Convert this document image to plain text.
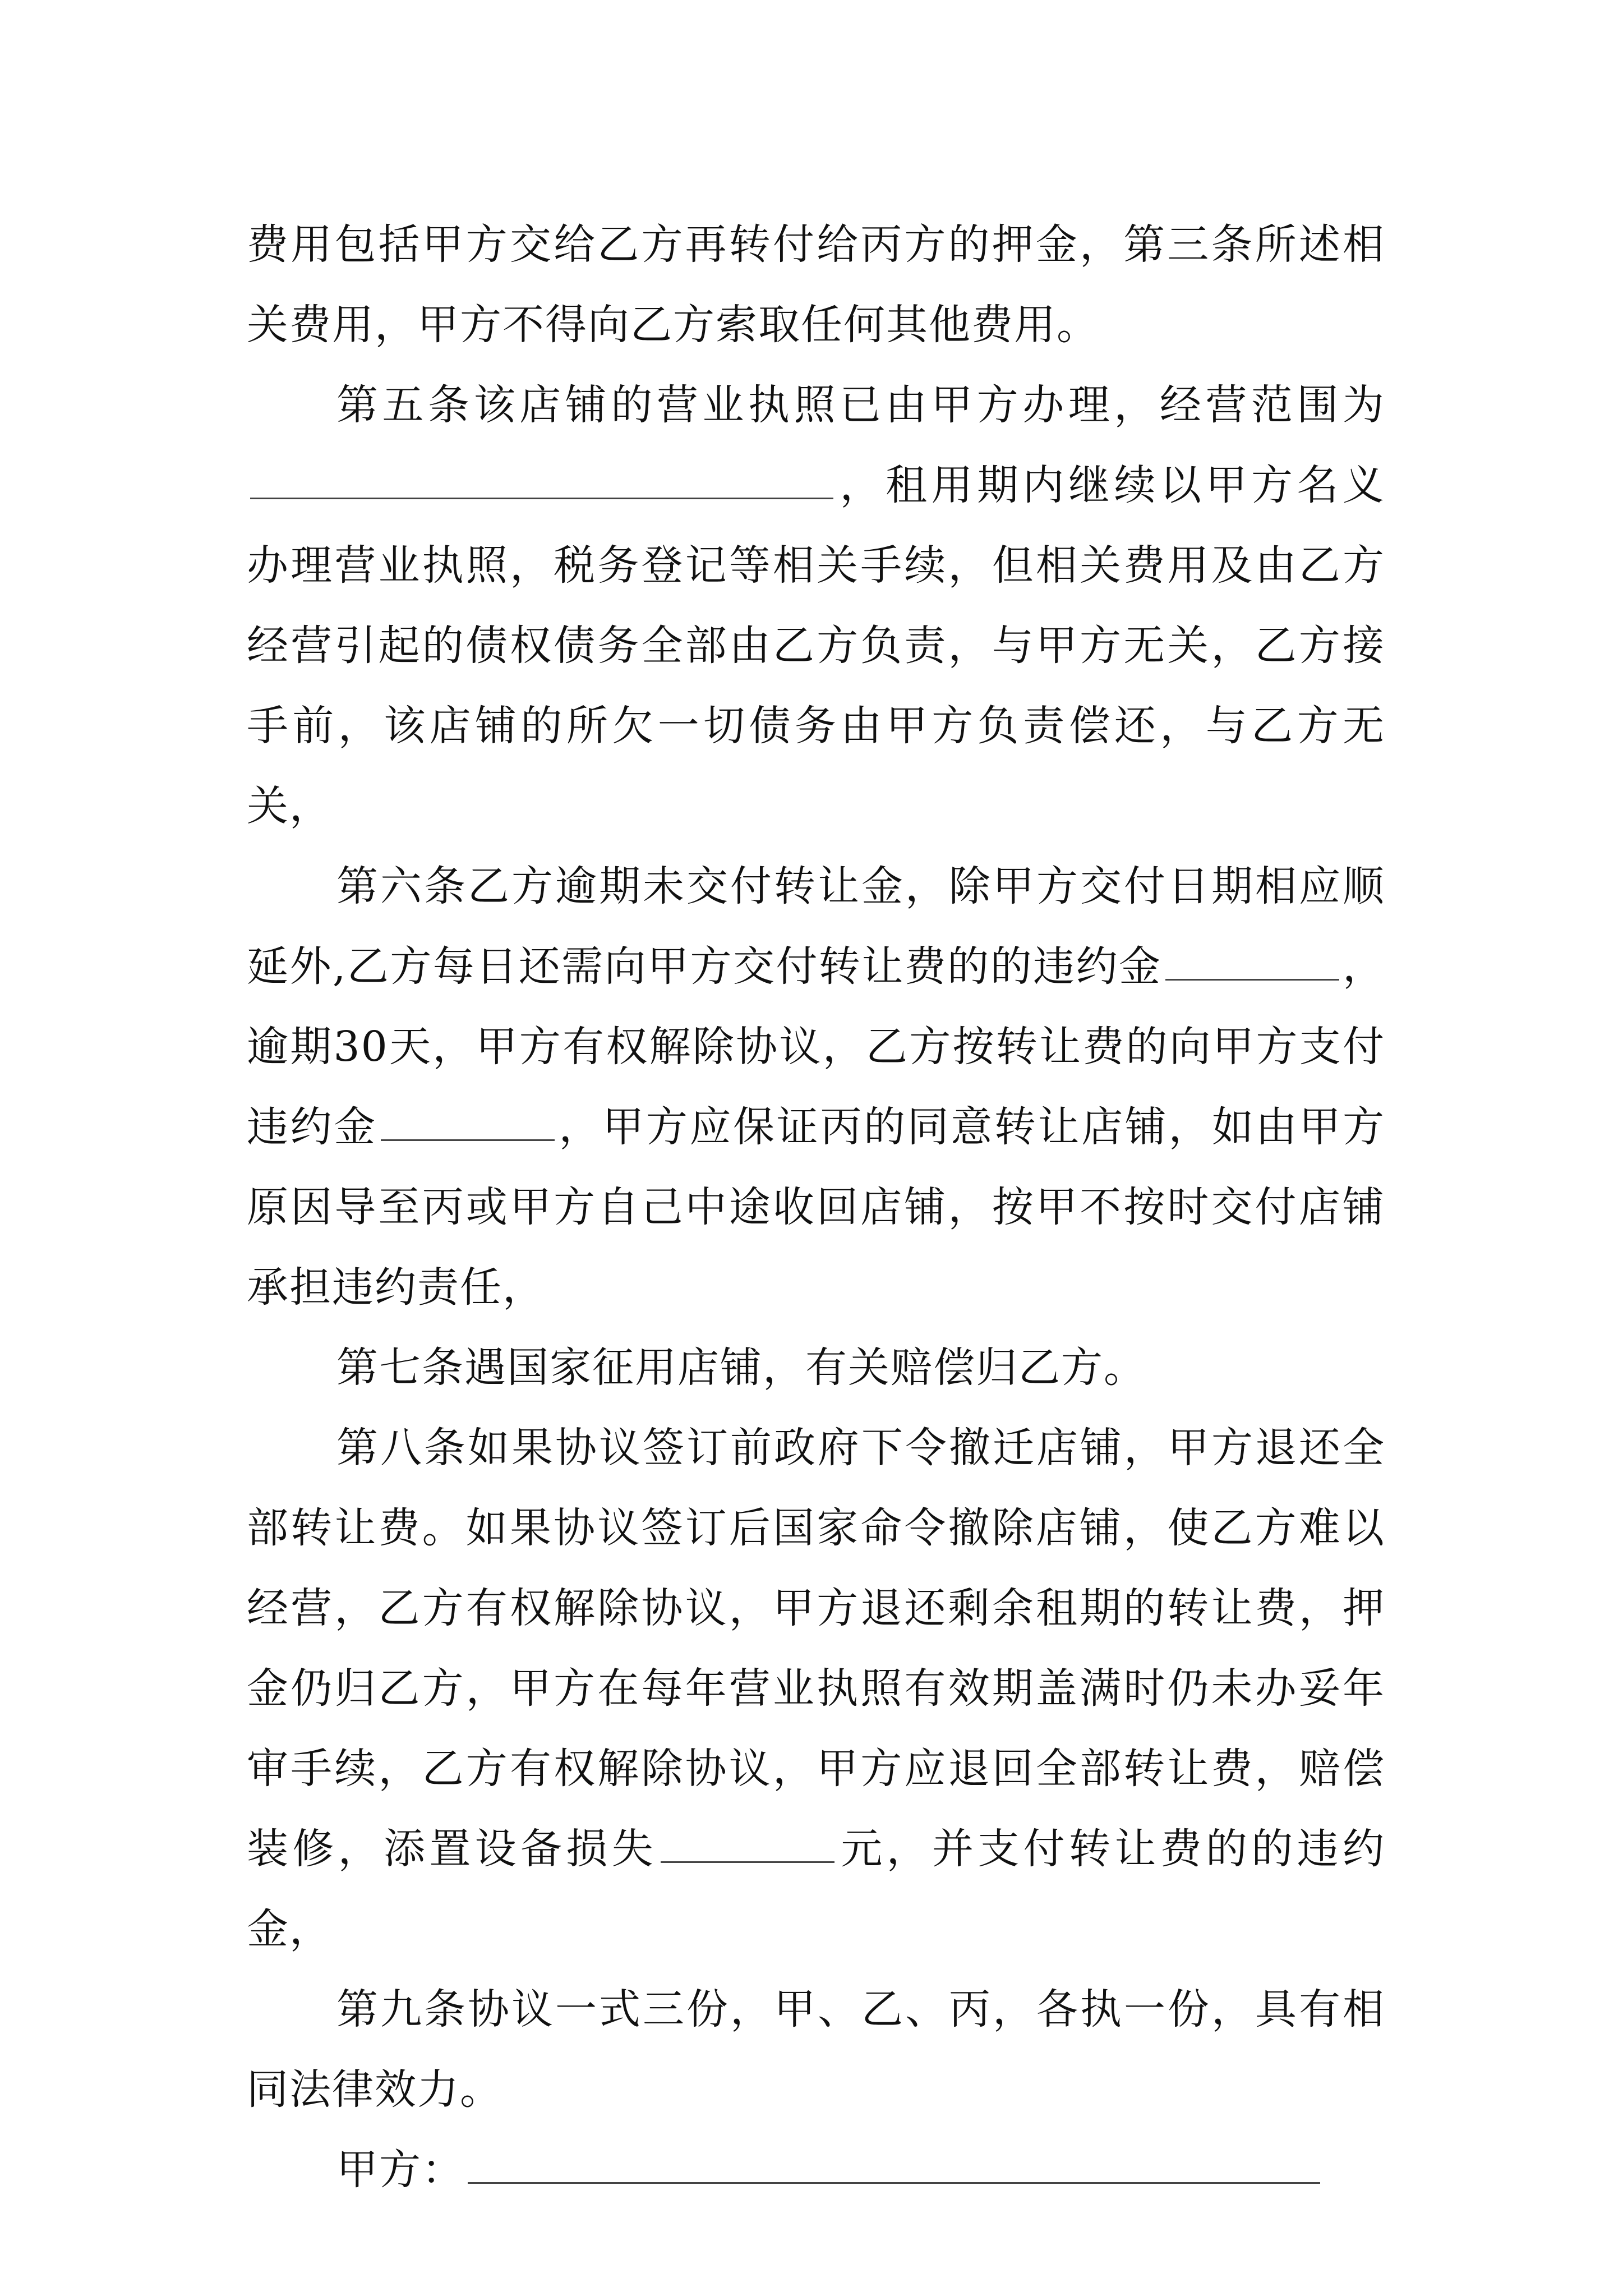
费用包括甲方交给乙方再转付给丙方的押金，第三条所述相关费用，甲方不得向乙方索取任何其他费用。

第五条该店铺的营业执照已由甲方办理，经营范围为，租用期内继续以甲方名义办理营业执照，税务登记等相关手续，但相关费用及由乙方经营引起的债权债务全部由乙方负责，与甲方无关，乙方接手前，该店铺的所欠一切债务由甲方负责偿还，与乙方无关，

第六条乙方逾期未交付转让金，除甲方交付日期相应顺延外,乙方每日还需向甲方交付转让费的的违约金	，逾期30天，甲方有权解除协议，乙方按转让费的向甲方支付违约金	，甲方应保证丙的同意转让店铺，如由甲方原因导至丙或甲方自己中途收回店铺，按甲不按时交付店铺承担违约责任，

第七条遇国家征用店铺，有关赔偿归乙方。

第八条如果协议签订前政府下令撤迁店铺，甲方退还全部转让费。如果协议签订后国家命令撤除店铺，使乙方难以经营，乙方有权解除协议，甲方退还剩余租期的转让费，押金仍归乙方，甲方在每年营业执照有效期盖满时仍未办妥年审手续，乙方有权解除协议，甲方应退回全部转让费，赔偿装修，添置设备损失	元，并支付转让费的的违约金，

第九条协议一式三份，甲、乙、丙，各执一份，具有相同法律效力。

甲方：
